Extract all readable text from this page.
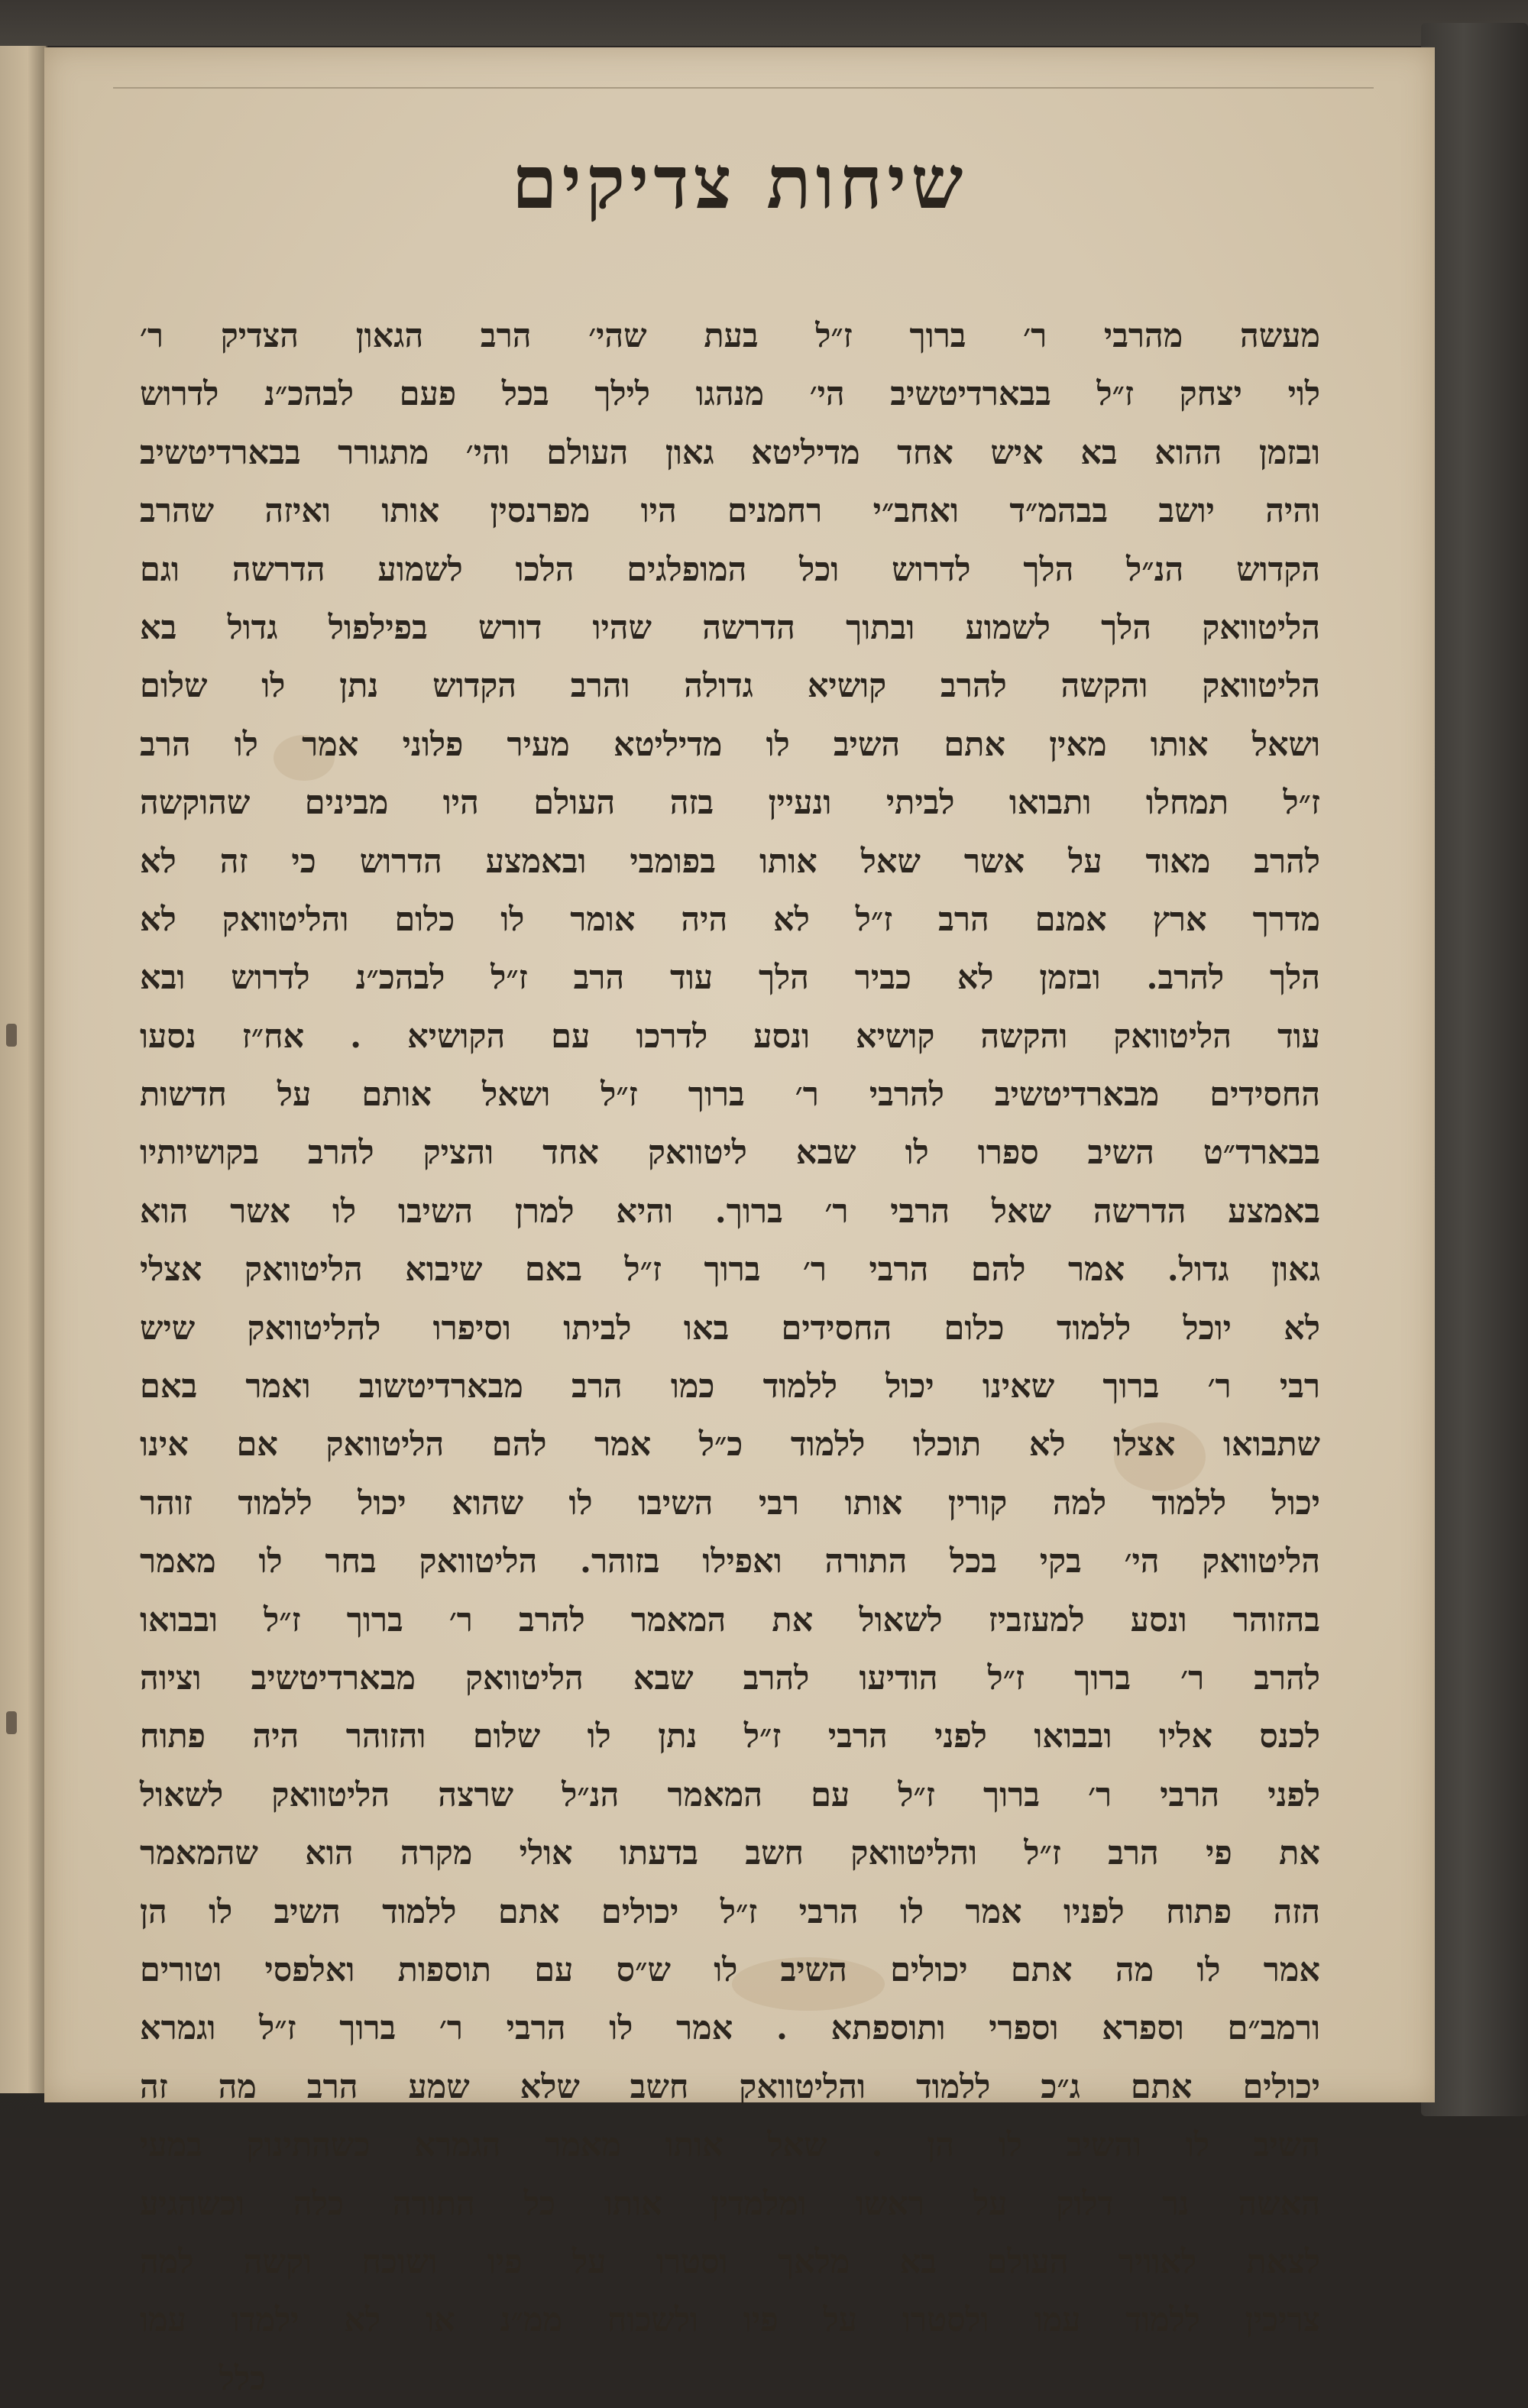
שיחות צדיקים
מעשה מהרבי ר׳ ברוך ז״ל בעת שהי׳ הרב הגאון הצדיק ר׳
לוי יצחק ז״ל בבארדיטשיב הי׳ מנהגו לילך בכל פעם לבהכ״נ לדרוש
ובזמן ההוא בא איש אחד מדיליטא גאון העולם והי׳ מתגורר בבארדיטשיב
והיה יושב בבהמ״ד ואחב״י רחמנים היו מפרנסין אותו ואיזה שהרב
הקדוש הנ״ל הלך לדרוש וכל המופלגים הלכו לשמוע הדרשה וגם
הליטוואק הלך לשמוע ובתוך הדרשה שהיו דורש בפילפול גדול בא
הליטוואק והקשה להרב קושיא גדולה והרב הקדוש נתן לו שלום
ושאל אותו מאין אתם השיב לו מדיליטא מעיר פלוני אמר לו הרב
ז״ל תמחלו ותבואו לביתי ונעיין בזה העולם היו מבינים שהוקשה
להרב מאוד על אשר שאל אותו בפומבי ובאמצע הדרוש כי זה לא
מדרך ארץ אמנם הרב ז״ל לא היה אומר לו כלום והליטוואק לא
הלך להרב. ובזמן לא כביר הלך עוד הרב ז״ל לבהכ״נ לדרוש ובא
עוד הליטוואק והקשה קושיא ונסע לדרכו עם הקושיא . אח״ז נסעו
החסידים מבארדיטשיב להרבי ר׳ ברוך ז״ל ושאל אותם על חדשות
בבארד״ט השיב ספרו לו שבא ליטוואק אחד והציק להרב בקושיותיו
באמצע הדרשה שאל הרבי ר׳ ברוך. והיא למרן השיבו לו אשר הוא
גאון גדול. אמר להם הרבי ר׳ ברוך ז״ל באם שיבוא הליטוואק אצלי
לא יוכל ללמוד כלום החסידים באו לביתו וסיפרו להליטוואק שיש
רבי ר׳ ברוך שאינו יכול ללמוד כמו הרב מבארדיטשוב ואמר באם
שתבואו אצלו לא תוכלו ללמוד כ״ל אמר להם הליטוואק אם אינו
יכול ללמוד למה קורין אותו רבי השיבו לו שהוא יכול ללמוד זוהר
הליטוואק הי׳ בקי בכל התורה ואפילו בזוהר. הליטוואק בחר לו מאמר
בהזוהר ונסע למעזביז לשאול את המאמר להרב ר׳ ברוך ז״ל ובבואו
להרב ר׳ ברוך ז״ל הודיעו להרב שבא הליטוואק מבארדיטשיב וציוה
לכנס אליו ובבואו לפני הרבי ז״ל נתן לו שלום והזוהר היה פתוח
לפני הרבי ר׳ ברוך ז״ל עם המאמר הנ״ל שרצה הליטוואק לשאול
את פי הרב ז״ל והליטוואק חשב בדעתו אולי מקרה הוא שהמאמר
הזה פתוח לפניו אמר לו הרבי ז״ל יכולים אתם ללמוד השיב לו הן
אמר לו מה אתם יכולים השיב לו ש״ס עם תוספות ואלפסי וטורים
ורמב״ם וספרא וספרי ותוספתא . אמר לו הרבי ר׳ ברוך ז״ל וגמרא
יכולים אתם ג״כ ללמוד והליטוואק חשב שלא שמע הרב מה זה
השיב לו והשיב לו הן . שאל אותו מאמר הגמרא כשהתינוק במעי
האשה נר דלוק על ראשו ומלמדין אותו כל התורה כלה וכשהגיע
לצאת לאוויר העולם בא מלאך וסטרו על פיו ושוכח וקשה למה
צריכין ללמוד עמו ולסטרו על פיו ולשכוח ממ״נ או לא ילמדו עמו
כלל
